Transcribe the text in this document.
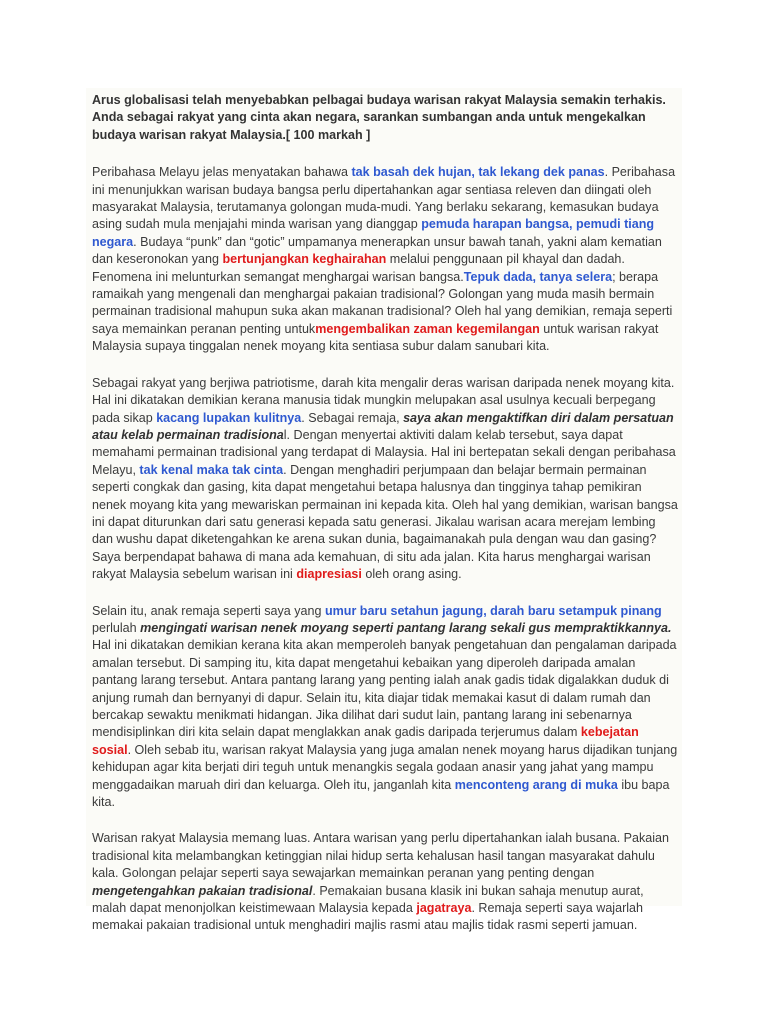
Arus globalisasi telah menyebabkan pelbagai budaya warisan rakyat Malaysia semakin terhakis. Anda sebagai rakyat yang cinta akan negara, sarankan sumbangan anda untuk mengekalkan budaya warisan rakyat Malaysia.[ 100 markah ]

Peribahasa Melayu jelas menyatakan bahawa tak basah dek hujan, tak lekang dek panas. Peribahasa ini menunjukkan warisan budaya bangsa perlu dipertahankan agar sentiasa releven dan diingati oleh masyarakat Malaysia, terutamanya golongan muda-mudi. Yang berlaku sekarang, kemasukan budaya asing sudah mula menjajahi minda warisan yang dianggap pemuda harapan bangsa, pemudi tiang negara. Budaya “punk” dan “gotic” umpamanya menerapkan unsur bawah tanah, yakni alam kematian dan keseronokan yang bertunjangkan keghairahan melalui penggunaan pil khayal dan dadah. Fenomena ini melunturkan semangat menghargai warisan bangsa.Tepuk dada, tanya selera; berapa ramaikah yang mengenali dan menghargai pakaian tradisional? Golongan yang muda masih bermain permainan tradisional mahupun suka akan makanan tradisional? Oleh hal yang demikian, remaja seperti saya memainkan peranan penting untukmengembalikan zaman kegemilangan untuk warisan rakyat Malaysia supaya tinggalan nenek moyang kita sentiasa subur dalam sanubari kita.

Sebagai rakyat yang berjiwa patriotisme, darah kita mengalir deras warisan daripada nenek moyang kita. Hal ini dikatakan demikian kerana manusia tidak mungkin melupakan asal usulnya kecuali berpegang pada sikap kacang lupakan kulitnya. Sebagai remaja, saya akan mengaktifkan diri dalam persatuan atau kelab permainan tradisional. Dengan menyertai aktiviti dalam kelab tersebut, saya dapat memahami permainan tradisional yang terdapat di Malaysia. Hal ini bertepatan sekali dengan peribahasa Melayu, tak kenal maka tak cinta. Dengan menghadiri perjumpaan dan belajar bermain permainan seperti congkak dan gasing, kita dapat mengetahui betapa halusnya dan tingginya tahap pemikiran nenek moyang kita yang mewariskan permainan ini kepada kita. Oleh hal yang demikian, warisan bangsa ini dapat diturunkan dari satu generasi kepada satu generasi. Jikalau warisan acara merejam lembing dan wushu dapat diketengahkan ke arena sukan dunia, bagaimanakah pula dengan wau dan gasing? Saya berpendapat bahawa di mana ada kemahuan, di situ ada jalan. Kita harus menghargai warisan rakyat Malaysia sebelum warisan ini diapresiasi oleh orang asing.

Selain itu, anak remaja seperti saya yang umur baru setahun jagung, darah baru setampuk pinang perlulah mengingati warisan nenek moyang seperti pantang larang sekali gus mempraktikkannya. Hal ini dikatakan demikian kerana kita akan memperoleh banyak pengetahuan dan pengalaman daripada amalan tersebut. Di samping itu, kita dapat mengetahui kebaikan yang diperoleh daripada amalan pantang larang tersebut. Antara pantang larang yang penting ialah anak gadis tidak digalakkan duduk di anjung rumah dan bernyanyi di dapur. Selain itu, kita diajar tidak memakai kasut di dalam rumah dan bercakap sewaktu menikmati hidangan. Jika dilihat dari sudut lain, pantang larang ini sebenarnya mendisiplinkan diri kita selain dapat menglakkan anak gadis daripada terjerumus dalam kebejatan sosial. Oleh sebab itu, warisan rakyat Malaysia yang juga amalan nenek moyang harus dijadikan tunjang kehidupan agar kita berjati diri teguh untuk menangkis segala godaan anasir yang jahat yang mampu menggadaikan maruah diri dan keluarga. Oleh itu, janganlah kita menconteng arang di muka ibu bapa kita.

Warisan rakyat Malaysia memang luas. Antara warisan yang perlu dipertahankan ialah busana. Pakaian tradisional kita melambangkan ketinggian nilai hidup serta kehalusan hasil tangan masyarakat dahulu kala. Golongan pelajar seperti saya sewajarkan memainkan peranan yang penting dengan mengetengahkan pakaian tradisional. Pemakaian busana klasik ini bukan sahaja menutup aurat, malah dapat menonjolkan keistimewaan Malaysia kepada jagatraya. Remaja seperti saya wajarlah memakai pakaian tradisional untuk menghadiri majlis rasmi atau majlis tidak rasmi seperti jamuan.
